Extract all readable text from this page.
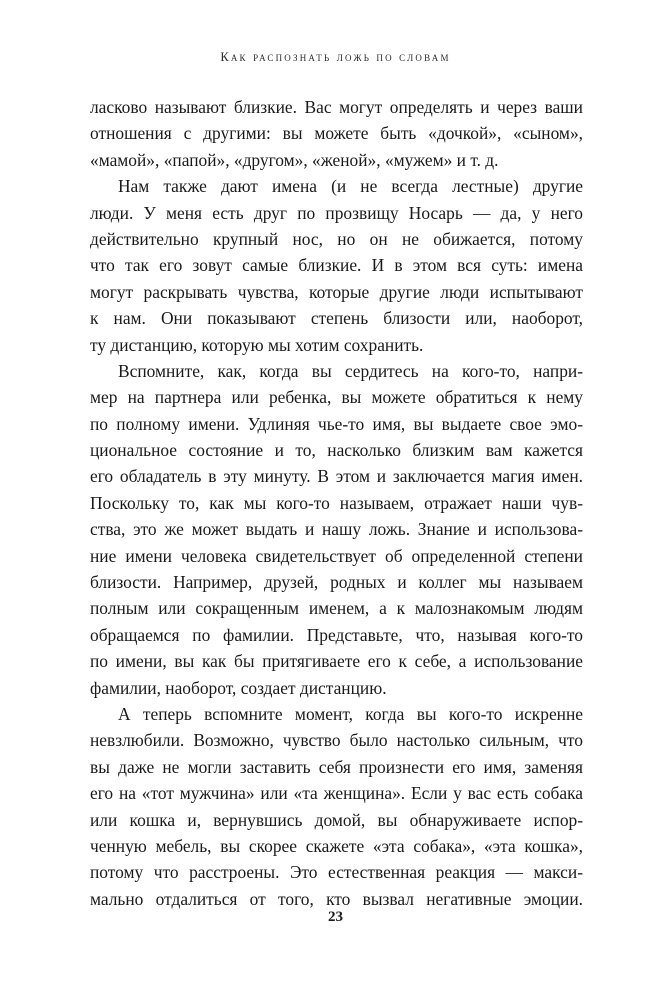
Как распознать ложь по словам
ласково называют близкие. Вас могут определять и через ваши
отношения с другими: вы можете быть «дочкой», «сыном»,
«мамой», «папой», «другом», «женой», «мужем» и т. д.
Нам также дают имена (и не всегда лестные) другие
люди. У меня есть друг по прозвищу Носарь — да, у него
действительно крупный нос, но он не обижается, потому
что так его зовут самые близкие. И в этом вся суть: имена
могут раскрывать чувства, которые другие люди испытывают
к нам. Они показывают степень близости или, наоборот,
ту дистанцию, которую мы хотим сохранить.
Вспомните, как, когда вы сердитесь на кого-то, напри-
мер на партнера или ребенка, вы можете обратиться к нему
по полному имени. Удлиняя чье-то имя, вы выдаете свое эмо-
циональное состояние и то, насколько близким вам кажется
его обладатель в эту минуту. В этом и заключается магия имен.
Поскольку то, как мы кого-то называем, отражает наши чув-
ства, это же может выдать и нашу ложь. Знание и использова-
ние имени человека свидетельствует об определенной степени
близости. Например, друзей, родных и коллег мы называем
полным или сокращенным именем, а к малознакомым людям
обращаемся по фамилии. Представьте, что, называя кого-то
по имени, вы как бы притягиваете его к себе, а использование
фамилии, наоборот, создает дистанцию.
А теперь вспомните момент, когда вы кого-то искренне
невзлюбили. Возможно, чувство было настолько сильным, что
вы даже не могли заставить себя произнести его имя, заменяя
его на «тот мужчина» или «та женщина». Если у вас есть собака
или кошка и, вернувшись домой, вы обнаруживаете испор-
ченную мебель, вы скорее скажете «эта собака», «эта кошка»,
потому что расстроены. Это естественная реакция — макси-
мально отдалиться от того, кто вызвал негативные эмоции.
23
